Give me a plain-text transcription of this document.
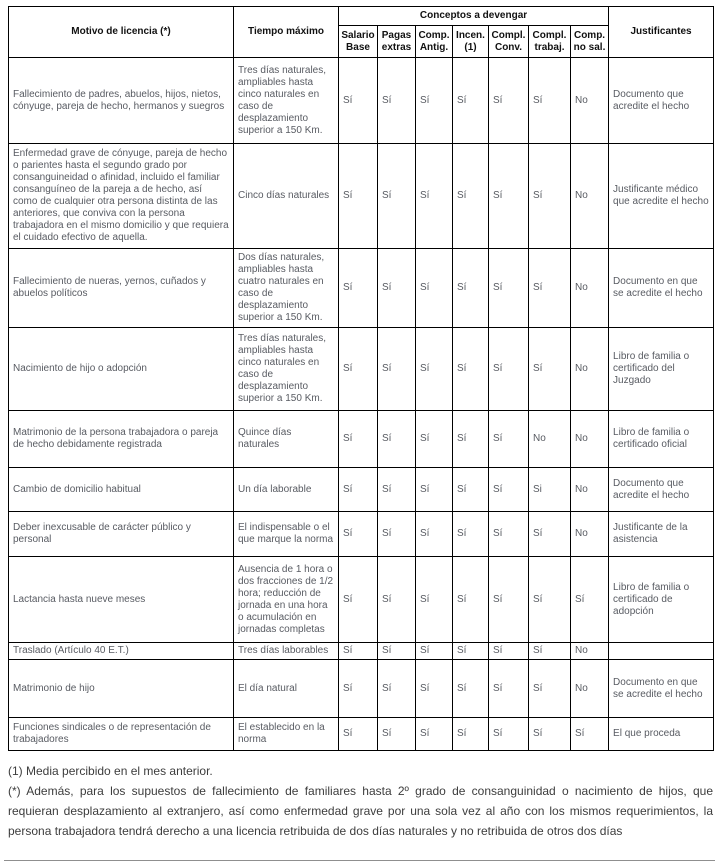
Motivo de licencia (*)	Tiempo máximo	Conceptos a devengar							Justificantes
		Salario Base	Pagas extras	Comp. Antig.	Incen. (1)	Compl. Conv.	Compl. trabaj.	Comp. no sal.	
Fallecimiento de padres, abuelos, hijos, nietos, cónyuge, pareja de hecho, hermanos y suegros	Tres días naturales, ampliables hasta cinco naturales en caso de desplazamiento superior a 150 Km.	Sí	Sí	Sí	Sí	Sí	Sí	No	Documento que acredite el hecho
Enfermedad grave de cónyuge, pareja de hecho o parientes hasta el segundo grado por consanguineidad o afinidad, incluido el familiar consanguíneo de la pareja a de hecho, así como de cualquier otra persona distinta de las anteriores, que conviva con la persona trabajadora en el mismo domicilio y que requiera el cuidado efectivo de aquella.	Cinco días naturales	Sí	Sí	Sí	Sí	Sí	Sí	No	Justificante médico que acredite el hecho
Fallecimiento de nueras, yernos, cuñados y abuelos políticos	Dos días naturales, ampliables hasta cuatro naturales en caso de desplazamiento superior a 150 Km.	Sí	Sí	Sí	Sí	Sí	Sí	No	Documento en que se acredite el hecho
Nacimiento de hijo o adopción	Tres días naturales, ampliables hasta cinco naturales en caso de desplazamiento superior a 150 Km.	Sí	Sí	Sí	Sí	Sí	Sí	No	Libro de familia o certificado del Juzgado
Matrimonio de la persona trabajadora o pareja de hecho debidamente registrada	Quince días naturales	Sí	Sí	Sí	Sí	Sí	No	No	Libro de familia o certificado oficial
Cambio de domicilio habitual	Un día laborable	Sí	Sí	Sí	Sí	Sí	Si	No	Documento que acredite el hecho
Deber inexcusable de carácter público y personal	El indispensable o el que marque la norma	Sí	Sí	Sí	Sí	Sí	Sí	No	Justificante de la asistencia
Lactancia hasta nueve meses	Ausencia de 1 hora o dos fracciones de 1/2 hora; reducción de jornada en una hora o acumulación en jornadas completas	Sí	Sí	Sí	Sí	Sí	Sí	Sí	Libro de familia o certificado de adopción
Traslado (Artículo 40 E.T.)	Tres días laborables	Sí	Sí	Sí	Sí	Sí	Sí	No	
Matrimonio de hijo	El día natural	Sí	Sí	Sí	Sí	Sí	Sí	No	Documento en que se acredite el hecho
Funciones sindicales o de representación de trabajadores	El establecido en la norma	Sí	Sí	Sí	Sí	Sí	Sí	Sí	El que proceda

(1) Media percibido en el mes anterior.

(*) Además, para los supuestos de fallecimiento de familiares hasta 2º grado de consanguinidad o nacimiento de hijos, que requieran desplazamiento al extranjero, así como enfermedad grave por una sola vez al año con los mismos requerimientos, la persona trabajadora tendrá derecho a una licencia retribuida de dos días naturales y no retribuida de otros dos días
